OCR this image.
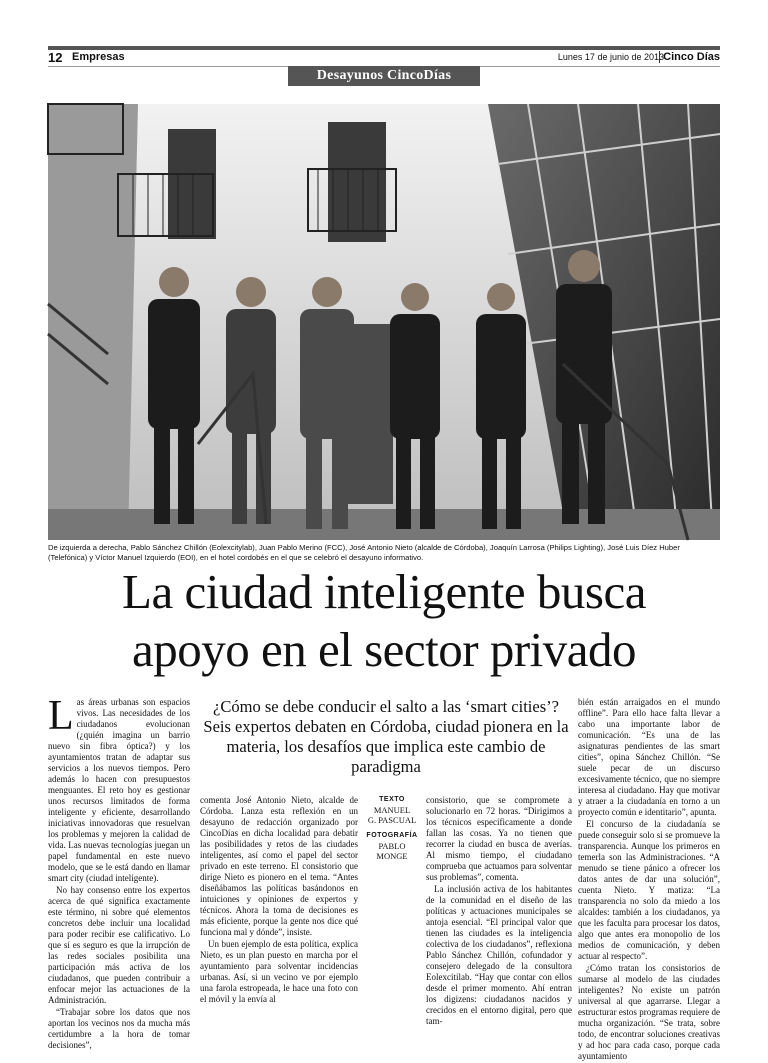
12 Empresas	Lunes 17 de junio de 2013 Cinco Días
Desayunos CincoDías
De izquierda a derecha, Pablo Sánchez Chillón (Eolexcitylab), Juan Pablo Merino (FCC), José Antonio Nieto (alcalde de Córdoba), Joaquín Larrosa (Philips Lighting), José Luis Díez Huber (Telefónica) y Víctor Manuel Izquierdo (EOI), en el hotel cordobés en el que se celebró el desayuno informativo.
La ciudad inteligente busca
apoyo en el sector privado
L as áreas urbanas son espacios vivos. Las necesidades de los ciudadanos evolucionan (¿quién imagina un barrio nuevo sin fibra óptica?) y los ayuntamientos tratan de adaptar sus servicios a los nuevos tiempos. Pero además lo hacen con presupuestos menguantes. El reto hoy es gestionar unos recursos limitados de forma inteligente y eficiente, desarrollando iniciativas innovadoras que resuelvan los problemas y mejoren la calidad de vida. Las nuevas tecnologías juegan un papel fundamental en este nuevo modelo, que se le está dando en llamar smart city (ciudad inteligente).

No hay consenso entre los expertos acerca de qué significa exactamente este término, ni sobre qué elementos concretos debe incluir una localidad para poder recibir ese calificativo. Lo que sí es seguro es que la irrupción de las redes sociales posibilita una participación más activa de los ciudadanos, que pueden contribuir a enfocar mejor las actuaciones de la Administración.

“Trabajar sobre los datos que nos aportan los vecinos nos da mucha más certidumbre a la hora de tomar decisiones”,

¿Cómo se debe conducir el salto a las ‘smart cities’? Seis expertos debaten en Córdoba, ciudad pionera en la materia, los desafíos que implica este cambio de paradigma

comenta José Antonio Nieto, alcalde de Córdoba. Lanza esta reflexión en un desayuno de redacción organizado por CincoDías en dicha localidad para debatir las posibilidades y retos de las ciudades inteligentes, así como el papel del sector privado en este terreno. El consistorio que dirige Nieto es pionero en el tema. “Antes diseñábamos las políticas basándonos en intuiciones y opiniones de expertos y técnicos. Ahora la toma de decisiones es más eficiente, porque la gente nos dice qué funciona mal y dónde”, insiste.

Un buen ejemplo de esta política, explica Nieto, es un plan puesto en marcha por el ayuntamiento para solventar incidencias urbanas. Así, si un vecino ve por ejemplo una farola estropeada, le hace una foto con el móvil y la envía al

TEXTO
MANUEL
G. PASCUAL
FOTOGRAFÍA
PABLO MONGE

consistorio, que se compromete a solucionarlo en 72 horas. “Dirigimos a los técnicos específicamente a donde fallan las cosas. Ya no tienen que recorrer la ciudad en busca de averías. Al mismo tiempo, el ciudadano comprueba que actuamos para solventar sus problemas”, comenta.

La inclusión activa de los habitantes de la comunidad en el diseño de las políticas y actuaciones municipales se antoja esencial. “El principal valor que tienen las ciudades es la inteligencia colectiva de los ciudadanos”, reflexiona Pablo Sánchez Chillón, cofundador y consejero delegado de la consultora Eolexcitilab. “Hay que contar con ellos desde el primer momento. Ahí entran los digizens: ciudadanos nacidos y crecidos en el entorno digital, pero que tam-

bién están arraigados en el mundo offline”. Para ello hace falta llevar a cabo una importante labor de comunicación. “Es una de las asignaturas pendientes de las smart cities”, opina Sánchez Chillón. “Se suele pecar de un discurso excesivamente técnico, que no siempre interesa al ciudadano. Hay que motivar y atraer a la ciudadanía en torno a un proyecto común e identitario”, apunta.

El concurso de la ciudadanía se puede conseguir solo si se promueve la transparencia. Aunque los primeros en temerla son las Administraciones. “A menudo se tiene pánico a ofrecer los datos antes de dar una solución”, cuenta Nieto. Y matiza: “La transparencia no solo da miedo a los alcaldes: también a los ciudadanos, ya que les faculta para procesar los datos, algo que antes era monopolio de los medios de comunicación, y deben actuar al respecto”.

¿Cómo tratan los consistorios de sumarse al modelo de las ciudades inteligentes? No existe un patrón universal al que agarrarse. Llegar a estructurar estos programas requiere de mucha organización. “Se trata, sobre todo, de encontrar soluciones creativas y ad hoc para cada caso, porque cada ayuntamiento
